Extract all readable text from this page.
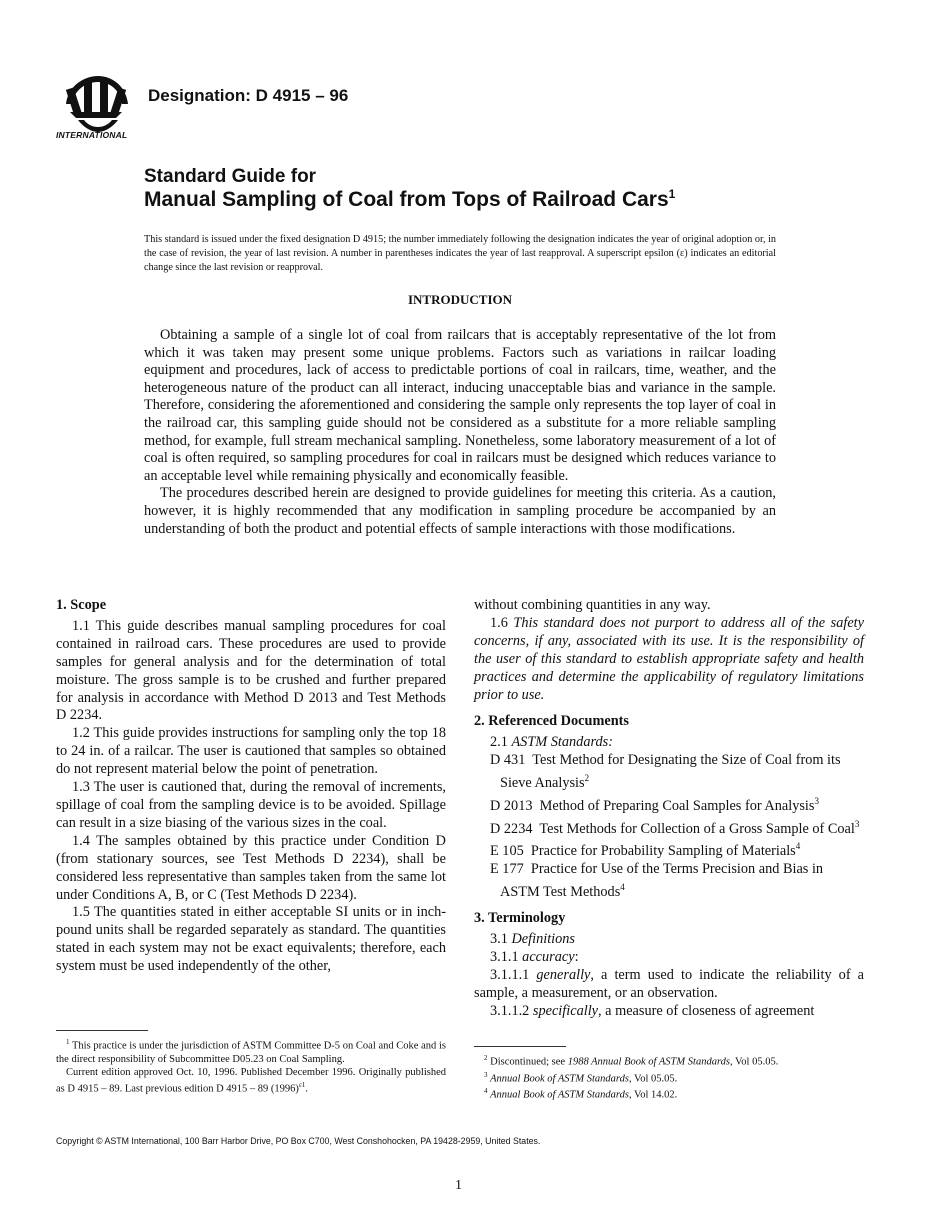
INTERNATIONAL
Designation: D 4915 – 96
Standard Guide for
Manual Sampling of Coal from Tops of Railroad Cars$^1$
This standard is issued under the fixed designation D 4915; the number immediately following the designation indicates the year of original adoption or, in the case of revision, the year of last revision. A number in parentheses indicates the year of last reapproval. A superscript epsilon (ε) indicates an editorial change since the last revision or reapproval.
INTRODUCTION

Obtaining a sample of a single lot of coal from railcars that is acceptably representative of the lot from which it was taken may present some unique problems. Factors such as variations in railcar loading equipment and procedures, lack of access to predictable portions of coal in railcars, time, weather, and the heterogeneous nature of the product can all interact, inducing unacceptable bias and variance in the sample. Therefore, considering the aforementioned and considering the sample only represents the top layer of coal in the railroad car, this sampling guide should not be considered as a substitute for a more reliable sampling method, for example, full stream mechanical sampling. Nonetheless, some laboratory measurement of a lot of coal is often required, so sampling procedures for coal in railcars must be designed which reduces variance to an acceptable level while remaining physically and economically feasible.

The procedures described herein are designed to provide guidelines for meeting this criteria. As a caution, however, it is highly recommended that any modification in sampling procedure be accompanied by an understanding of both the product and potential effects of sample interactions with those modifications.

1. Scope

1.1 This guide describes manual sampling procedures for coal contained in railroad cars. These procedures are used to provide samples for general analysis and for the determination of total moisture. The gross sample is to be crushed and further prepared for analysis in accordance with Method D 2013 and Test Methods D 2234.

1.2 This guide provides instructions for sampling only the top 18 to 24 in. of a railcar. The user is cautioned that samples so obtained do not represent material below the point of penetration.

1.3 The user is cautioned that, during the removal of increments, spillage of coal from the sampling device is to be avoided. Spillage can result in a size biasing of the various sizes in the coal.

1.4 The samples obtained by this practice under Condition D (from stationary sources, see Test Methods D 2234), shall be considered less representative than samples taken from the same lot under Conditions A, B, or C (Test Methods D 2234).

1.5 The quantities stated in either acceptable SI units or in inch-pound units shall be regarded separately as standard. The quantities stated in each system may not be exact equivalents; therefore, each system must be used independently of the other,

$^1$ This practice is under the jurisdiction of ASTM Committee D-5 on Coal and Coke and is the direct responsibility of Subcommittee D05.23 on Coal Sampling.

Current edition approved Oct. 10, 1996. Published December 1996. Originally published as D 4915 – 89. Last previous edition D 4915 – 89 $(1996)^{\varepsilon 1}$.

without combining quantities in any way.

1.6 This standard does not purport to address all of the safety concerns, if any, associated with its use. It is the responsibility of the user of this standard to establish appropriate safety and health practices and determine the applicability of regulatory limitations prior to use.

2. Referenced Documents

2.1 ASTM Standards:

D 431 Test Method for Designating the Size of Coal from its Sieve Analysis$^2$

D 2013 Method of Preparing Coal Samples for Analysis$^3$

D 2234 Test Methods for Collection of a Gross Sample of Coal$^3$

E 105 Practice for Probability Sampling of Materials$^4$

E 177 Practice for Use of the Terms Precision and Bias in ASTM Test Methods$^4$

3. Terminology

3.1 Definitions

3.1.1 accuracy:

3.1.1.1 generally, a term used to indicate the reliability of a sample, a measurement, or an observation.

3.1.1.2 specifically, a measure of closeness of agreement

$^2$ Discontinued; see 1988 Annual Book of ASTM Standards, Vol 05.05.

$^3$ Annual Book of ASTM Standards, Vol 05.05.

$^4$ Annual Book of ASTM Standards, Vol 14.02.

Copyright © ASTM International, 100 Barr Harbor Drive, PO Box C700, West Conshohocken, PA 19428-2959, United States.
1
